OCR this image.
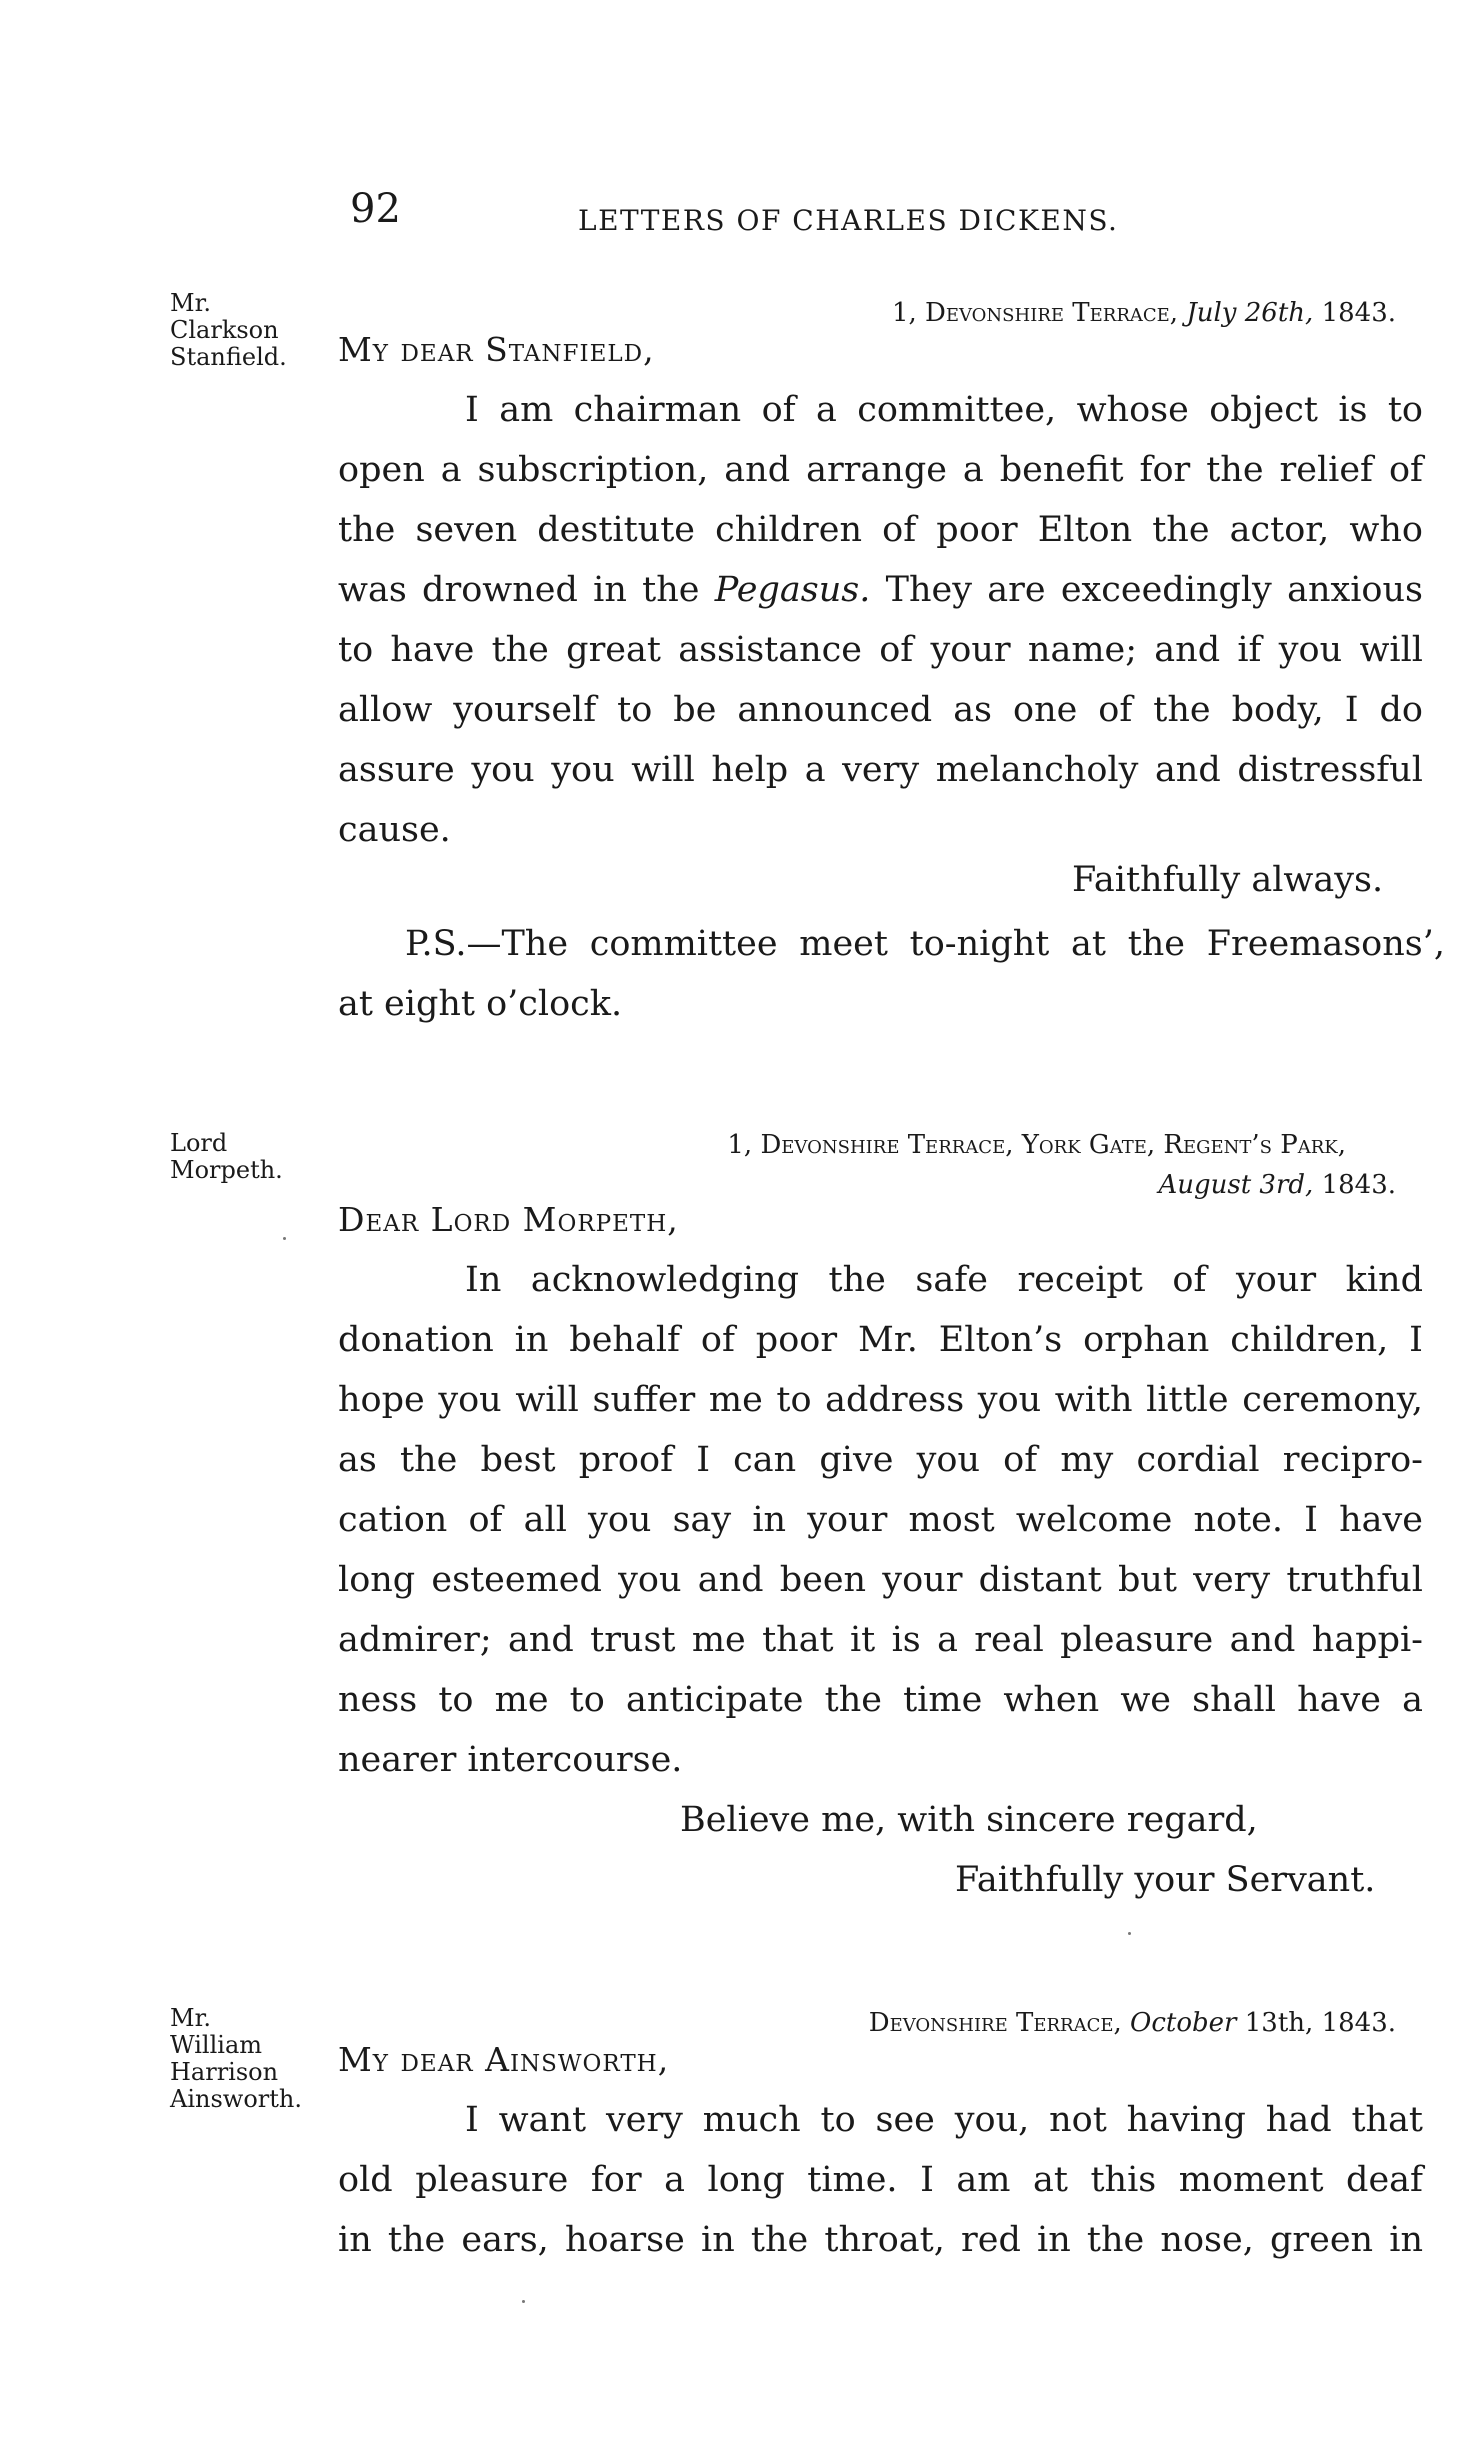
92	LETTERS OF CHARLES DICKENS.
Mr.
Clarkson
Stanfield.
1, Devonshire Terrace, July 26th, 1843.
My dear Stanfield,
I am chairman of a committee, whose object is to
open a subscription, and arrange a benefit for the relief of
the seven destitute children of poor Elton the actor, who
was drowned in the Pegasus. They are exceedingly anxious
to have the great assistance of your name; and if you will
allow yourself to be announced as one of the body, I do
assure you you will help a very melancholy and distressful
cause.
Faithfully always.
P.S.—The committee meet to-night at the Freemasons’,
at eight o’clock.
Lord
Morpeth.
1, Devonshire Terrace, York Gate, Regent’s Park,
August 3rd, 1843.
Dear Lord Morpeth,
In acknowledging the safe receipt of your kind
donation in behalf of poor Mr. Elton’s orphan children, I
hope you will suffer me to address you with little ceremony,
as the best proof I can give you of my cordial recipro-
cation of all you say in your most welcome note. I have
long esteemed you and been your distant but very truthful
admirer; and trust me that it is a real pleasure and happi-
ness to me to anticipate the time when we shall have a
nearer intercourse.
Believe me, with sincere regard,
Faithfully your Servant.
Mr.
William
Harrison
Ainsworth.
Devonshire Terrace, October 13th, 1843.
My dear Ainsworth,
I want very much to see you, not having had that
old pleasure for a long time. I am at this moment deaf
in the ears, hoarse in the throat, red in the nose, green in
